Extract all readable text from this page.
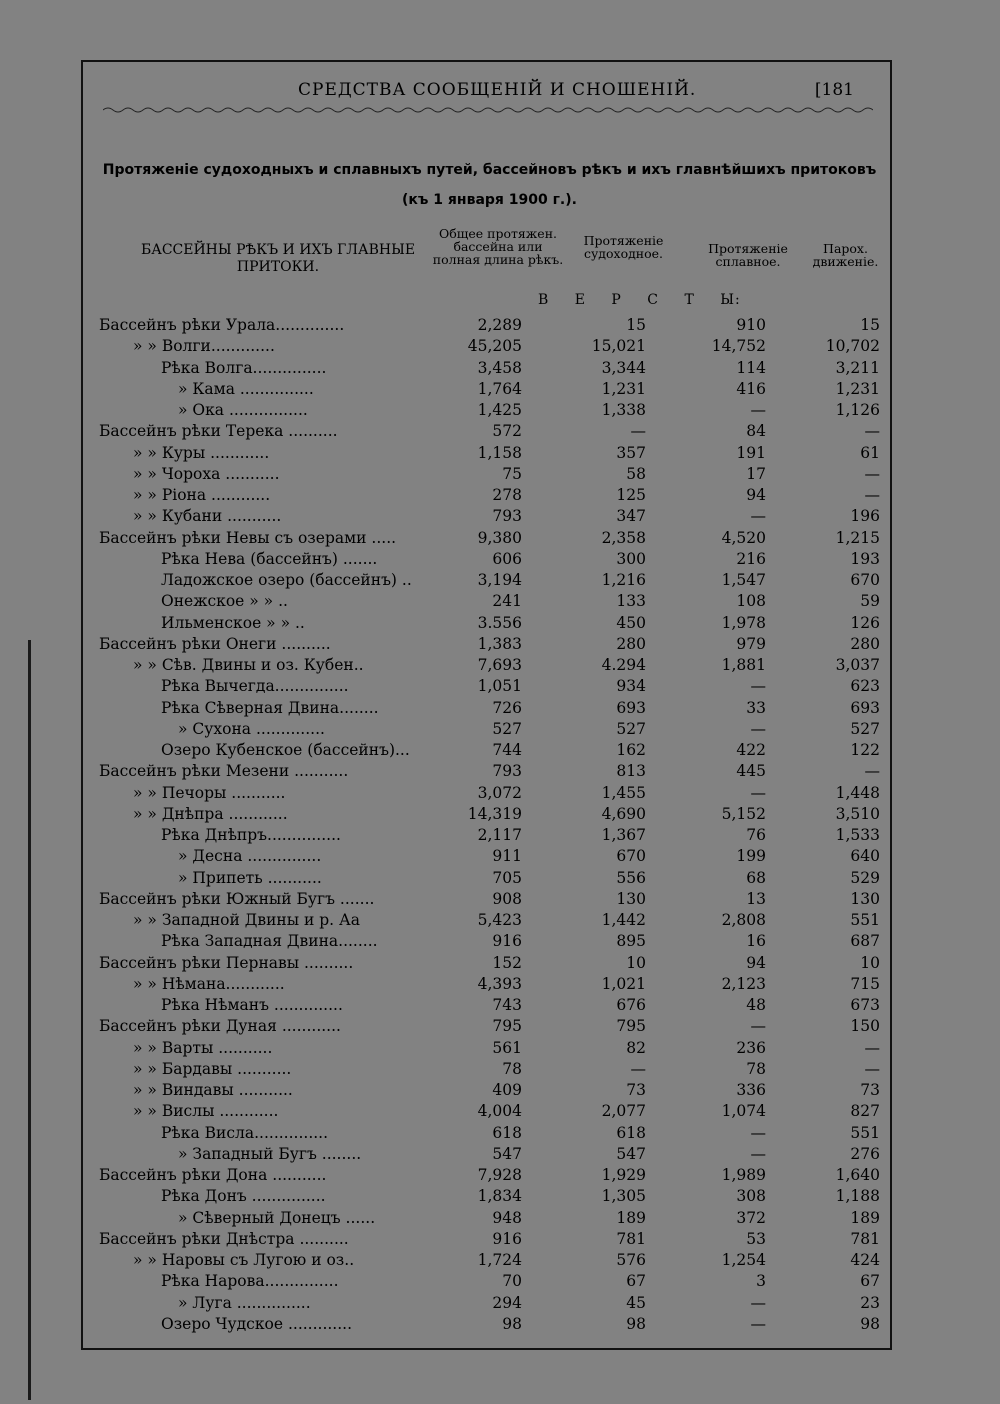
СРЕДСТВА СООБЩЕНІЙ И СНОШЕНІЙ.	[181
Протяженіе судоходныхъ и сплавныхъ путей, бассейновъ рѣкъ и ихъ главнѣйшихъ притоковъ (къ 1 января 1900 г.).
БАССЕЙНЫ РѢКЪ И ИХЪ ГЛАВНЫЕ ПРИТОКИ.
Общее протяжен. бассейна или полная длина рѣкъ.
Протяженіе судоходное.	Протяженіе сплавное.
Парох. движеніе.
В Е Р С Т Ы:
Бассейнъ рѣки Урала..............	2,289	15	910	15
» » Волги.............	45,205	15,021	14,752	10,702
Рѣка Волга...............	3,458	3,344	114	3,211
» Кама ...............	1,764	1,231	416	1,231
» Ока ................	1,425	1,338	—	1,126
Бассейнъ рѣки Терека ..........	572	—	84	—
» » Куры ............	1,158	357	191	61
» » Чороха ...........	75	58	17	—
» » Ріона ............	278	125	94	—
» » Кубани ...........	793	347	—	196
Бассейнъ рѣки Невы съ озерами .....	9,380	2,358	4,520	1,215
Рѣка Нева (бассейнъ) .......	606	300	216	193
Ладожское озеро (бассейнъ) ..	3,194	1,216	1,547	670
Онежское » » ..	241	133	108	59
Ильменское » » ..	3.556	450	1,978	126
Бассейнъ рѣки Онеги ..........	1,383	280	979	280
» » Сѣв. Двины и оз. Кубен..	7,693	4.294	1,881	3,037
Рѣка Вычегда...............	1,051	934	—	623
Рѣка Сѣверная Двина........	726	693	33	693
» Сухона ..............	527	527	—	527
Озеро Кубенское (бассейнъ)...	744	162	422	122
Бассейнъ рѣки Мезени ...........	793	813	445	—
» » Печоры ...........	3,072	1,455	—	1,448
» » Днѣпра ............	14,319	4,690	5,152	3,510
Рѣка Днѣпръ...............	2,117	1,367	76	1,533
» Десна ...............	911	670	199	640
» Припеть ...........	705	556	68	529
Бассейнъ рѣки Южный Бугъ .......	908	130	13	130
» » Западной Двины и р. Аа	5,423	1,442	2,808	551
Рѣка Западная Двина........	916	895	16	687
Бассейнъ рѣки Пернавы ..........	152	10	94	10
» » Нѣмана............	4,393	1,021	2,123	715
Рѣка Нѣманъ ..............	743	676	48	673
Бассейнъ рѣки Дуная ............	795	795	—	150
» » Варты ...........	561	82	236	—
» » Бардавы ...........	78	—	78	—
» » Виндавы ...........	409	73	336	73
» » Вислы ............	4,004	2,077	1,074	827
Рѣка Висла...............	618	618	—	551
» Западный Бугъ ........	547	547	—	276
Бассейнъ рѣки Дона ...........	7,928	1,929	1,989	1,640
Рѣка Донъ ...............	1,834	1,305	308	1,188
» Сѣверный Донецъ ......	948	189	372	189
Бассейнъ рѣки Днѣстра ..........	916	781	53	781
» » Наровы съ Лугою и оз..	1,724	576	1,254	424
Рѣка Нарова...............	70	67	3	67
» Луга ...............	294	45	—	23
Озеро Чудское .............	98	98	—	98
